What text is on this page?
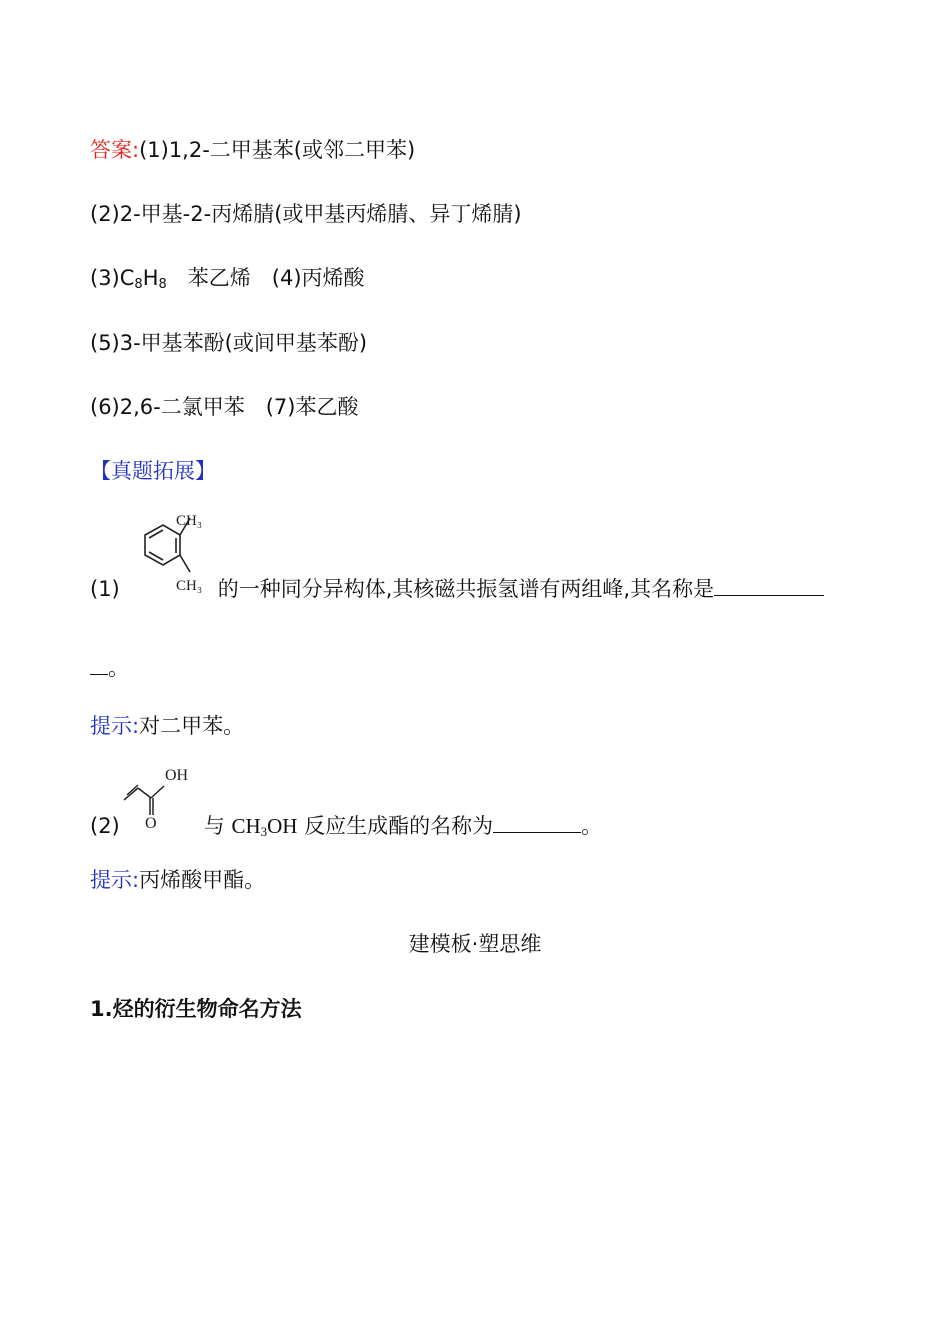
答案:(1)1,2-二甲基苯(或邻二甲苯)
(2)2-甲基-2-丙烯腈(或甲基丙烯腈、异丁烯腈)
$(3)C_8H_8$　苯乙烯　(4)丙烯酸
(5)3-甲基苯酚(或间甲基苯酚)
(6)2,6-二氯甲苯　(7)苯乙酸
【真题拓展】
CH₃
CH₃
(1)	的一种同分异构体,其核磁共振氢谱有两组峰,其名称是
。
提示:对二甲苯。
OH
O
(2)	与 $CH_3OH$ 反应生成酯的名称为	。
提示:丙烯酸甲酯。
建模板·塑思维
1.烃的衍生物命名方法
